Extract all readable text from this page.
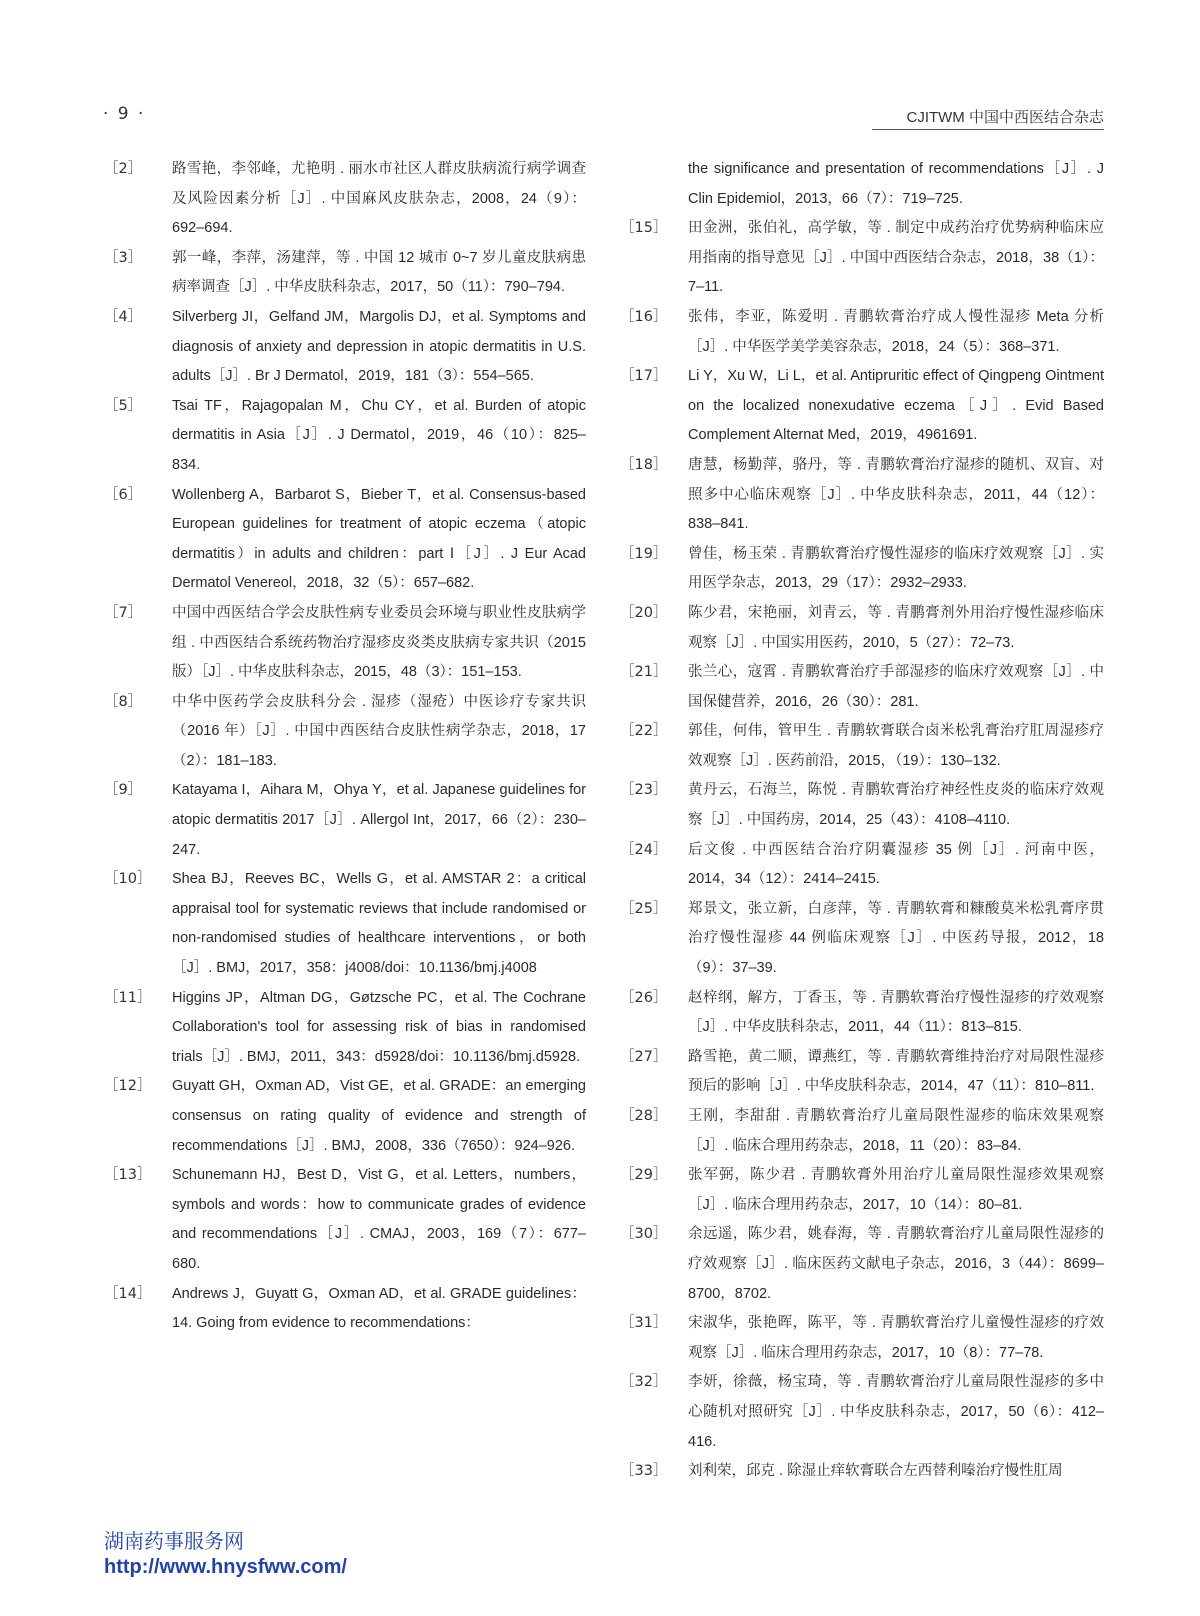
· 9 ·	CJITWM 中国中西医结合杂志
［2］	路雪艳，李邻峰，尤艳明 . 丽水市社区人群皮肤病流行病学调查及风险因素分析［J］. 中国麻风皮肤杂志，2008，24（9）：692–694.
［3］	郭一峰，李萍，汤建萍，等 . 中国 12 城市 0~7 岁儿童皮肤病患病率调查［J］. 中华皮肤科杂志，2017，50（11）：790–794.
［4］	Silverberg JI，Gelfand JM，Margolis DJ，et al. Symptoms and diagnosis of anxiety and depression in atopic dermatitis in U.S. adults［J］. Br J Dermatol，2019，181（3）：554–565.
［5］	Tsai TF，Rajagopalan M，Chu CY，et al. Burden of atopic dermatitis in Asia［J］. J Dermatol，2019，46（10）：825–834.
［6］	Wollenberg A，Barbarot S，Bieber T，et al. Consensus-based European guidelines for treatment of atopic eczema（atopic dermatitis）in adults and children：part Ⅰ［J］. J Eur Acad Dermatol Venereol，2018，32（5）：657–682.
［7］	中国中西医结合学会皮肤性病专业委员会环境与职业性皮肤病学组 . 中西医结合系统药物治疗湿疹皮炎类皮肤病专家共识（2015 版）［J］. 中华皮肤科杂志，2015，48（3）：151–153.
［8］	中华中医药学会皮肤科分会 . 湿疹（湿疮）中医诊疗专家共识（2016 年）［J］. 中国中西医结合皮肤性病学杂志，2018，17（2）：181–183.
［9］	Katayama I，Aihara M，Ohya Y，et al. Japanese guidelines for atopic dermatitis 2017［J］. Allergol Int，2017，66（2）：230–247.
［10］	Shea BJ，Reeves BC，Wells G，et al. AMSTAR 2：a critical appraisal tool for systematic reviews that include randomised or non-randomised studies of healthcare interventions，or both［J］. BMJ，2017，358：j4008/doi：10.1136/bmj.j4008
［11］	Higgins JP，Altman DG，Gøtzsche PC，et al. The Cochrane Collaboration's tool for assessing risk of bias in randomised trials［J］. BMJ，2011，343：d5928/doi：10.1136/bmj.d5928.
［12］	Guyatt GH，Oxman AD，Vist GE，et al. GRADE：an emerging consensus on rating quality of evidence and strength of recommendations［J］. BMJ，2008，336（7650）：924–926.
［13］	Schunemann HJ，Best D，Vist G，et al. Letters，numbers，symbols and words：how to communicate grades of evidence and recommendations［J］. CMAJ，2003，169（7）：677–680.
［14］	Andrews J，Guyatt G，Oxman AD，et al. GRADE guidelines：14. Going from evidence to recommendations：
the significance and presentation of recommendations［J］. J Clin Epidemiol，2013，66（7）：719–725.
［15］	田金洲，张伯礼，高学敏，等 . 制定中成药治疗优势病种临床应用指南的指导意见［J］. 中国中西医结合杂志，2018，38（1）：7–11.
［16］	张伟，李亚，陈爱明 . 青鹏软膏治疗成人慢性湿疹 Meta 分析［J］. 中华医学美学美容杂志，2018，24（5）：368–371.
［17］	Li Y，Xu W，Li L，et al. Antipruritic effect of Qingpeng Ointment on the localized nonexudative eczema［J］. Evid Based Complement Alternat Med，2019，4961691.
［18］	唐慧，杨勤萍，骆丹，等 . 青鹏软膏治疗湿疹的随机、双盲、对照多中心临床观察［J］. 中华皮肤科杂志，2011，44（12）：838–841.
［19］	曾佳，杨玉荣 . 青鹏软膏治疗慢性湿疹的临床疗效观察［J］. 实用医学杂志，2013，29（17）：2932–2933.
［20］	陈少君，宋艳丽，刘青云，等 . 青鹏膏剂外用治疗慢性湿疹临床观察［J］. 中国实用医药，2010，5（27）：72–73.
［21］	张兰心，寇霄 . 青鹏软膏治疗手部湿疹的临床疗效观察［J］. 中国保健营养，2016，26（30）：281.
［22］	郭佳，何伟，管甲生 . 青鹏软膏联合卤米松乳膏治疗肛周湿疹疗效观察［J］. 医药前沿，2015，（19）：130–132.
［23］	黄丹云，石海兰，陈悦 . 青鹏软膏治疗神经性皮炎的临床疗效观察［J］. 中国药房，2014，25（43）：4108–4110.
［24］	后文俊 . 中西医结合治疗阴囊湿疹 35 例［J］. 河南中医，2014，34（12）：2414–2415.
［25］	郑景文，张立新，白彦萍，等 . 青鹏软膏和糠酸莫米松乳膏序贯治疗慢性湿疹 44 例临床观察［J］. 中医药导报，2012，18（9）：37–39.
［26］	赵梓纲，解方，丁香玉，等 . 青鹏软膏治疗慢性湿疹的疗效观察［J］. 中华皮肤科杂志，2011，44（11）：813–815.
［27］	路雪艳，黄二顺，谭燕红，等 . 青鹏软膏维持治疗对局限性湿疹预后的影响［J］. 中华皮肤科杂志，2014，47（11）：810–811.
［28］	王刚，李甜甜 . 青鹏软膏治疗儿童局限性湿疹的临床效果观察［J］. 临床合理用药杂志，2018，11（20）：83–84.
［29］	张军弼，陈少君 . 青鹏软膏外用治疗儿童局限性湿疹效果观察［J］. 临床合理用药杂志，2017，10（14）：80–81.
［30］	余远遥，陈少君，姚春海，等 . 青鹏软膏治疗儿童局限性湿疹的疗效观察［J］. 临床医药文献电子杂志，2016，3（44）：8699–8700，8702.
［31］	宋淑华，张艳晖，陈平，等 . 青鹏软膏治疗儿童慢性湿疹的疗效观察［J］. 临床合理用药杂志，2017，10（8）：77–78.
［32］	李妍，徐薇，杨宝琦，等 . 青鹏软膏治疗儿童局限性湿疹的多中心随机对照研究［J］. 中华皮肤科杂志，2017，50（6）：412–416.
［33］	刘利荣，邱克 . 除湿止痒软膏联合左西替利嗪治疗慢性肛周
湖南药事服务网
http://www.hnysfww.com/
